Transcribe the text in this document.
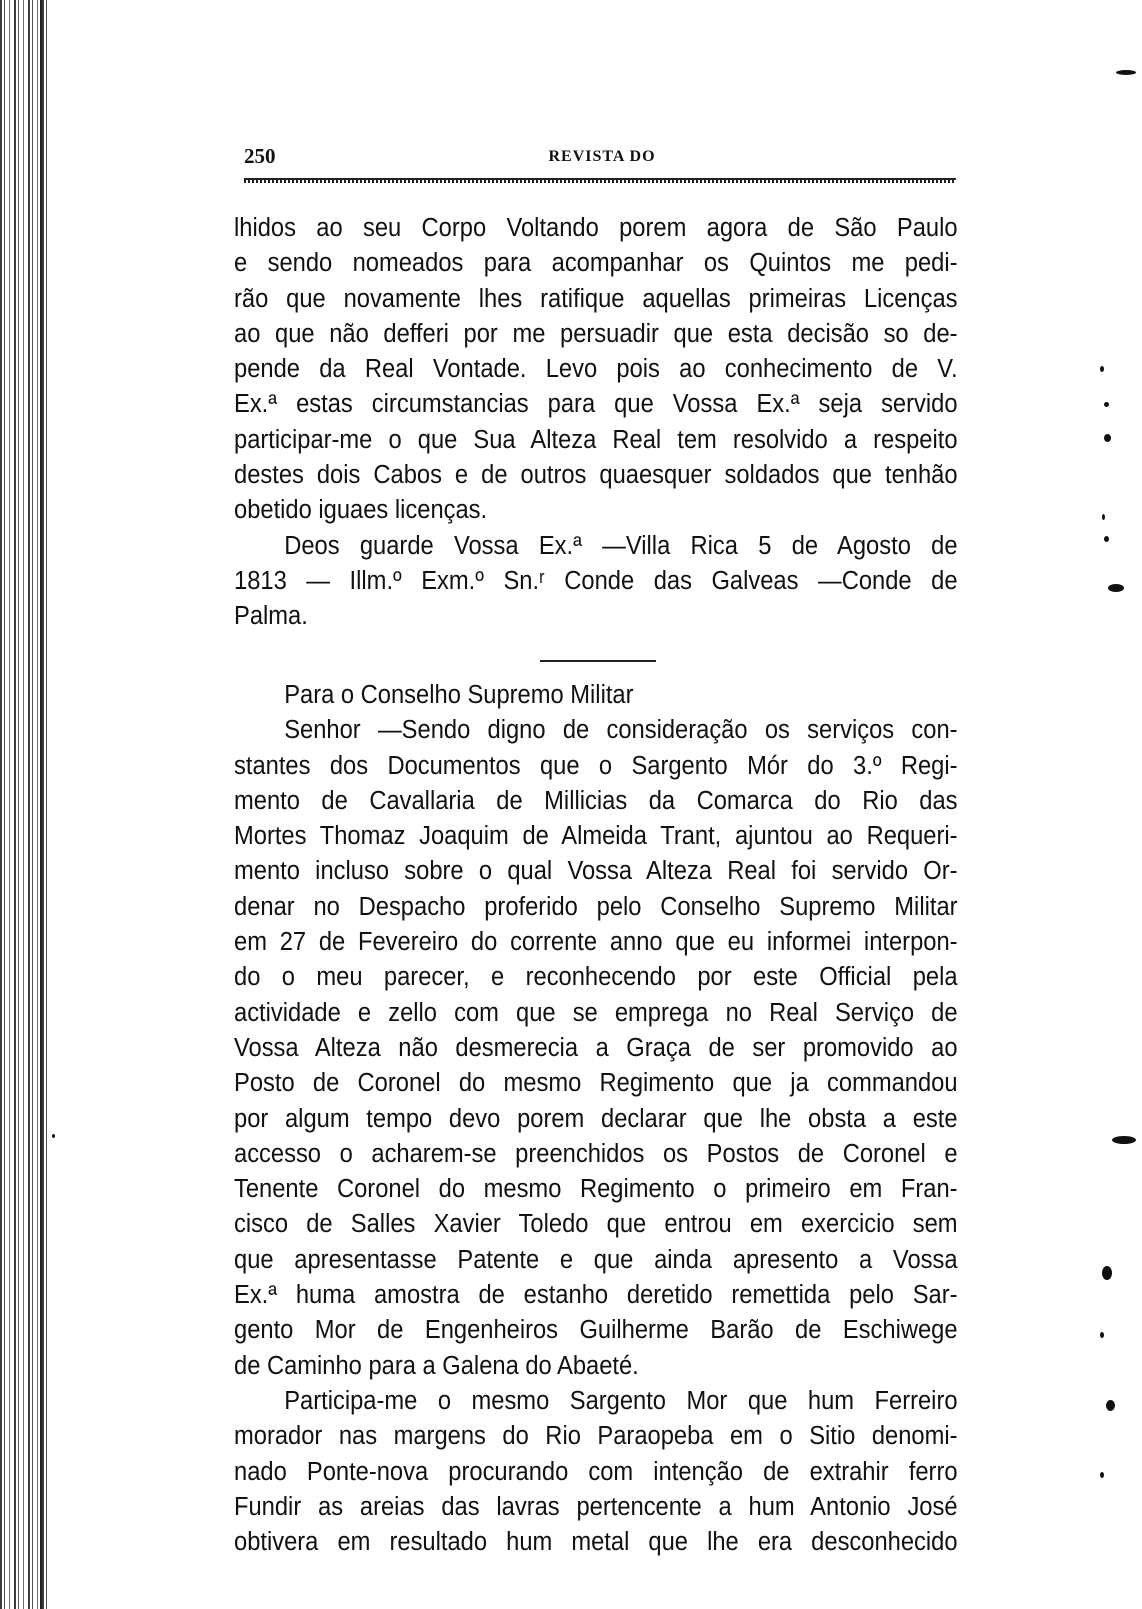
250	REVISTA DO
lhidos ao seu Corpo Voltando porem agora de São Paulo
e sendo nomeados para acompanhar os Quintos me pedi-
rão que novamente lhes ratifique aquellas primeiras Licenças
ao que não defferi por me persuadir que esta decisão so de-
pende da Real Vontade. Levo pois ao conhecimento de V.
Ex.ª estas circumstancias para que Vossa Ex.ª seja servido
participar-me o que Sua Alteza Real tem resolvido a respeito
destes dois Cabos e de outros quaesquer soldados que tenhão
obetido iguaes licenças.
Deos guarde Vossa Ex.ª —Villa Rica 5 de Agosto de
1813 — Illm.º Exm.º Sn.ʳ Conde das Galveas —Conde de
Palma.
Para o Conselho Supremo Militar
Senhor —Sendo digno de consideração os serviços con-
stantes dos Documentos que o Sargento Mór do 3.º Regi-
mento de Cavallaria de Millicias da Comarca do Rio das
Mortes Thomaz Joaquim de Almeida Trant, ajuntou ao Requeri-
mento incluso sobre o qual Vossa Alteza Real foi servido Or-
denar no Despacho proferido pelo Conselho Supremo Militar
em 27 de Fevereiro do corrente anno que eu informei interpon-
do o meu parecer, e reconhecendo por este Official pela
actividade e zello com que se emprega no Real Serviço de
Vossa Alteza não desmerecia a Graça de ser promovido ao
Posto de Coronel do mesmo Regimento que ja commandou
por algum tempo devo porem declarar que lhe obsta a este
accesso o acharem-se preenchidos os Postos de Coronel e
Tenente Coronel do mesmo Regimento o primeiro em Fran-
cisco de Salles Xavier Toledo que entrou em exercicio sem
que apresentasse Patente e que ainda apresento a Vossa
Ex.ª huma amostra de estanho deretido remettida pelo Sar-
gento Mor de Engenheiros Guilherme Barão de Eschiwege
de Caminho para a Galena do Abaeté.
Participa-me o mesmo Sargento Mor que hum Ferreiro
morador nas margens do Rio Paraopeba em o Sitio denomi-
nado Ponte-nova procurando com intenção de extrahir ferro
Fundir as areias das lavras pertencente a hum Antonio José
obtivera em resultado hum metal que lhe era desconhecido
